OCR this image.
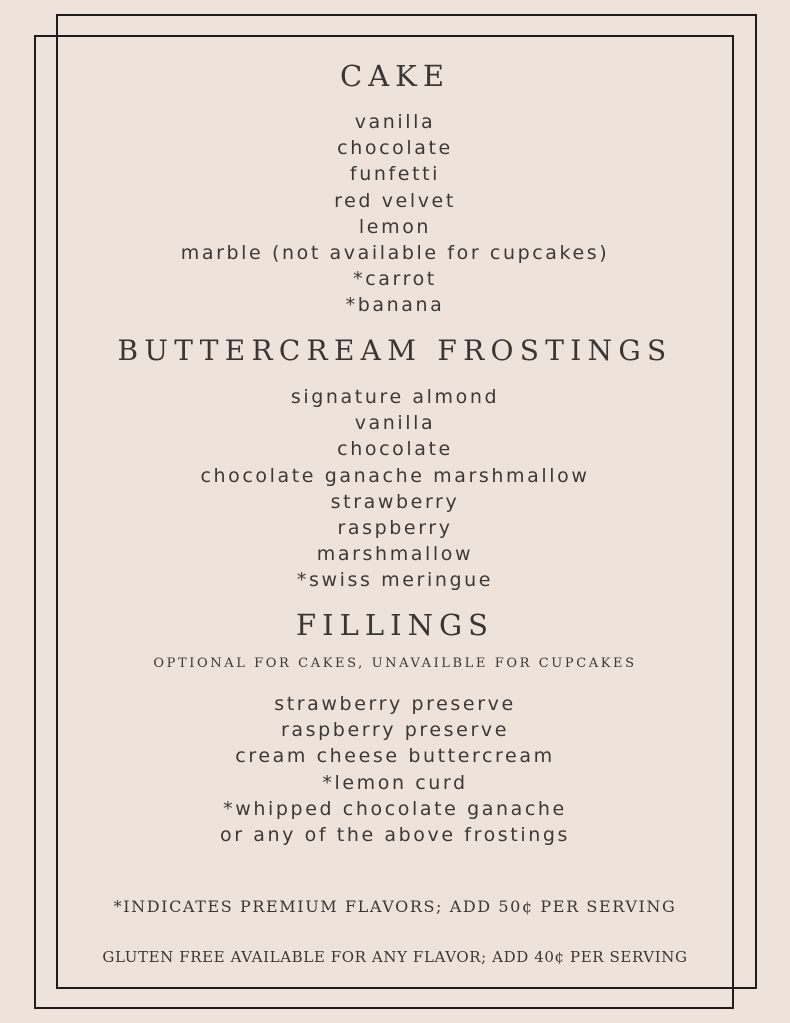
CAKE
vanilla
chocolate
funfetti
red velvet
lemon
marble (not available for cupcakes)
*carrot
*banana
BUTTERCREAM FROSTINGS
signature almond
vanilla
chocolate
chocolate ganache marshmallow
strawberry
raspberry
marshmallow
*swiss meringue
FILLINGS
OPTIONAL FOR CAKES, UNAVAILBLE FOR CUPCAKES
strawberry preserve
raspberry preserve
cream cheese buttercream
*lemon curd
*whipped chocolate ganache
or any of the above frostings
*INDICATES PREMIUM FLAVORS; ADD 50¢ PER SERVING
GLUTEN FREE AVAILABLE FOR ANY FLAVOR; ADD 40¢ PER SERVING
